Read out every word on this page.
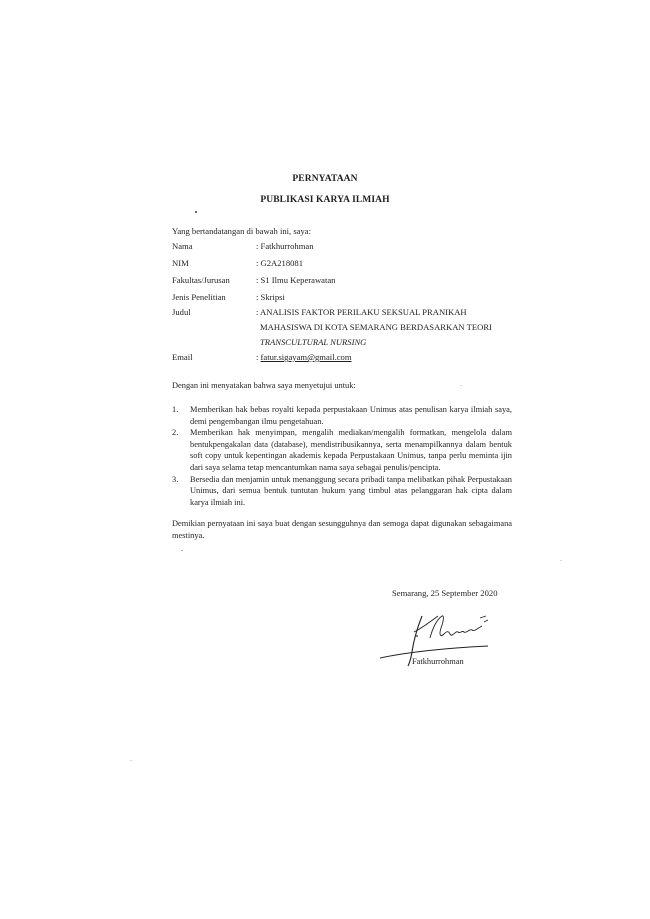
PERNYATAAN
PUBLIKASI KARYA ILMIAH
Yang bertandatangan di bawah ini, saya:
Nama	: Fatkhurrohman
NIM	: G2A218081
Fakultas/Jurusan	: S1 Ilmu Keperawatan
Jenis Penelitian	: Skripsi
Judul	: ANALISIS FAKTOR PERILAKU SEKSUAL PRANIKAH
MAHASISWA DI KOTA SEMARANG BERDASARKAN TEORI
TRANSCULTURAL NURSING
Email	: fatur.sigayam@gmail.com
Dengan ini menyatakan bahwa saya menyetujui untuk:
1. Memberikan hak bebas royalti kepada perpustakaan Unimus atas penulisan karya ilmiah saya, demi pengembangan ilmu pengetahuan.
2. Memberikan hak menyimpan, mengalih mediakan/mengalih formatkan, mengelola dalam bentukpengakalan data (database), mendistribusikannya, serta menampilkannya dalam bentuk soft copy untuk kepentingan akademis kepada Perpustakaan Unimus, tanpa perlu meminta ijin dari saya selama tetap mencantumkan nama saya sebagai penulis/pencipta.
3. Bersedia dan menjamin untuk menanggung secara pribadi tanpa melibatkan pihak Perpustakaan Unimus, dari semua bentuk tuntutan hukum yang timbul atas pelanggaran hak cipta dalam karya ilmiah ini.
Demikian pernyataan ini saya buat dengan sesungguhnya dan semoga dapat digunakan sebagaimana mestinya.
ˇ
Semarang, 25 September 2020
Fatkhurrohman
